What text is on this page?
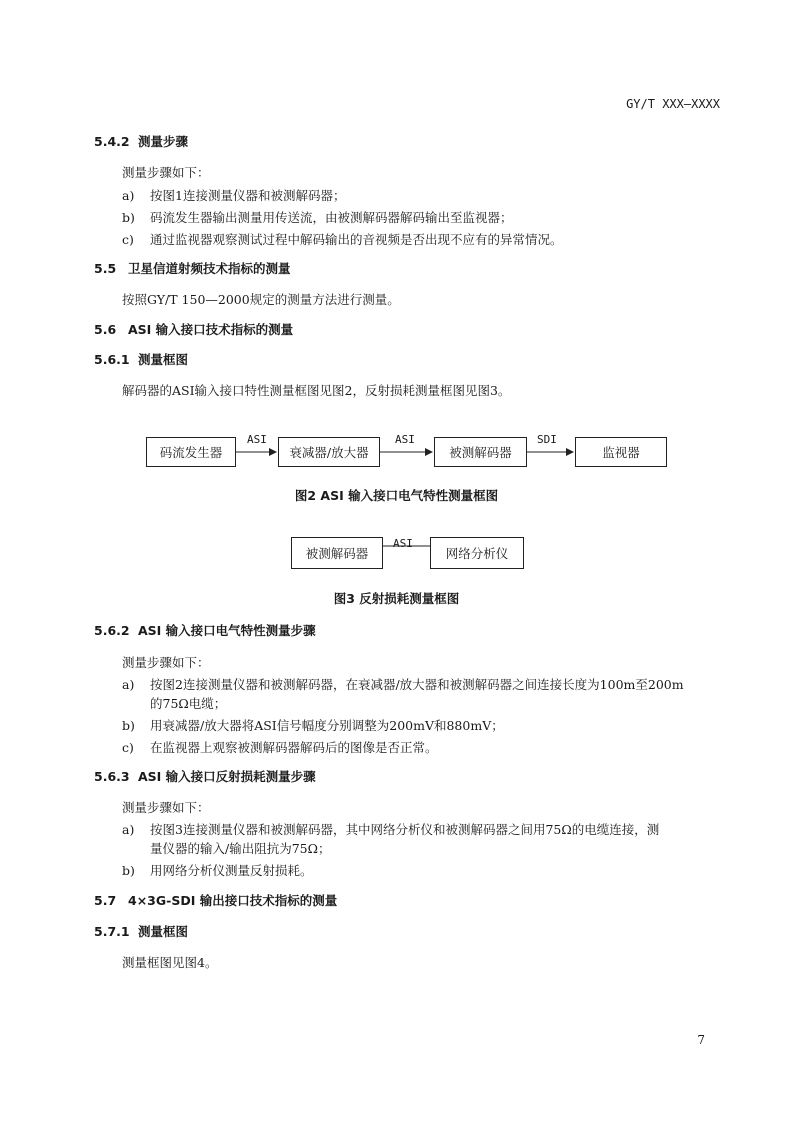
GY/T XXX—XXXX
5.4.2 测量步骤
测量步骤如下：
a) 按图1连接测量仪器和被测解码器；
b) 码流发生器输出测量用传送流，由被测解码器解码输出至监视器；
c) 通过监视器观察测试过程中解码输出的音视频是否出现不应有的异常情况。
5.5 卫星信道射频技术指标的测量
按照GY/T 150—2000规定的测量方法进行测量。
5.6 ASI 输入接口技术指标的测量
5.6.1 测量框图
解码器的ASI输入接口特性测量框图见图2，反射损耗测量框图见图3。
码流发生器	衰减器/放大器	被测解码器	监视器
ASI	ASI	SDI
图2 ASI 输入接口电气特性测量框图
被测解码器	网络分析仪
ASI
图3 反射损耗测量框图
5.6.2 ASI 输入接口电气特性测量步骤
测量步骤如下：
a) 按图2连接测量仪器和被测解码器，在衰减器/放大器和被测解码器之间连接长度为100m至200m
的75Ω电缆；
b) 用衰减器/放大器将ASI信号幅度分别调整为200mV和880mV；
c) 在监视器上观察被测解码器解码后的图像是否正常。
5.6.3 ASI 输入接口反射损耗测量步骤
测量步骤如下：
a) 按图3连接测量仪器和被测解码器，其中网络分析仪和被测解码器之间用75Ω的电缆连接，测
量仪器的输入/输出阻抗为75Ω；
b) 用网络分析仪测量反射损耗。
5.7 4×3G-SDI 输出接口技术指标的测量
5.7.1 测量框图
测量框图见图4。
7
